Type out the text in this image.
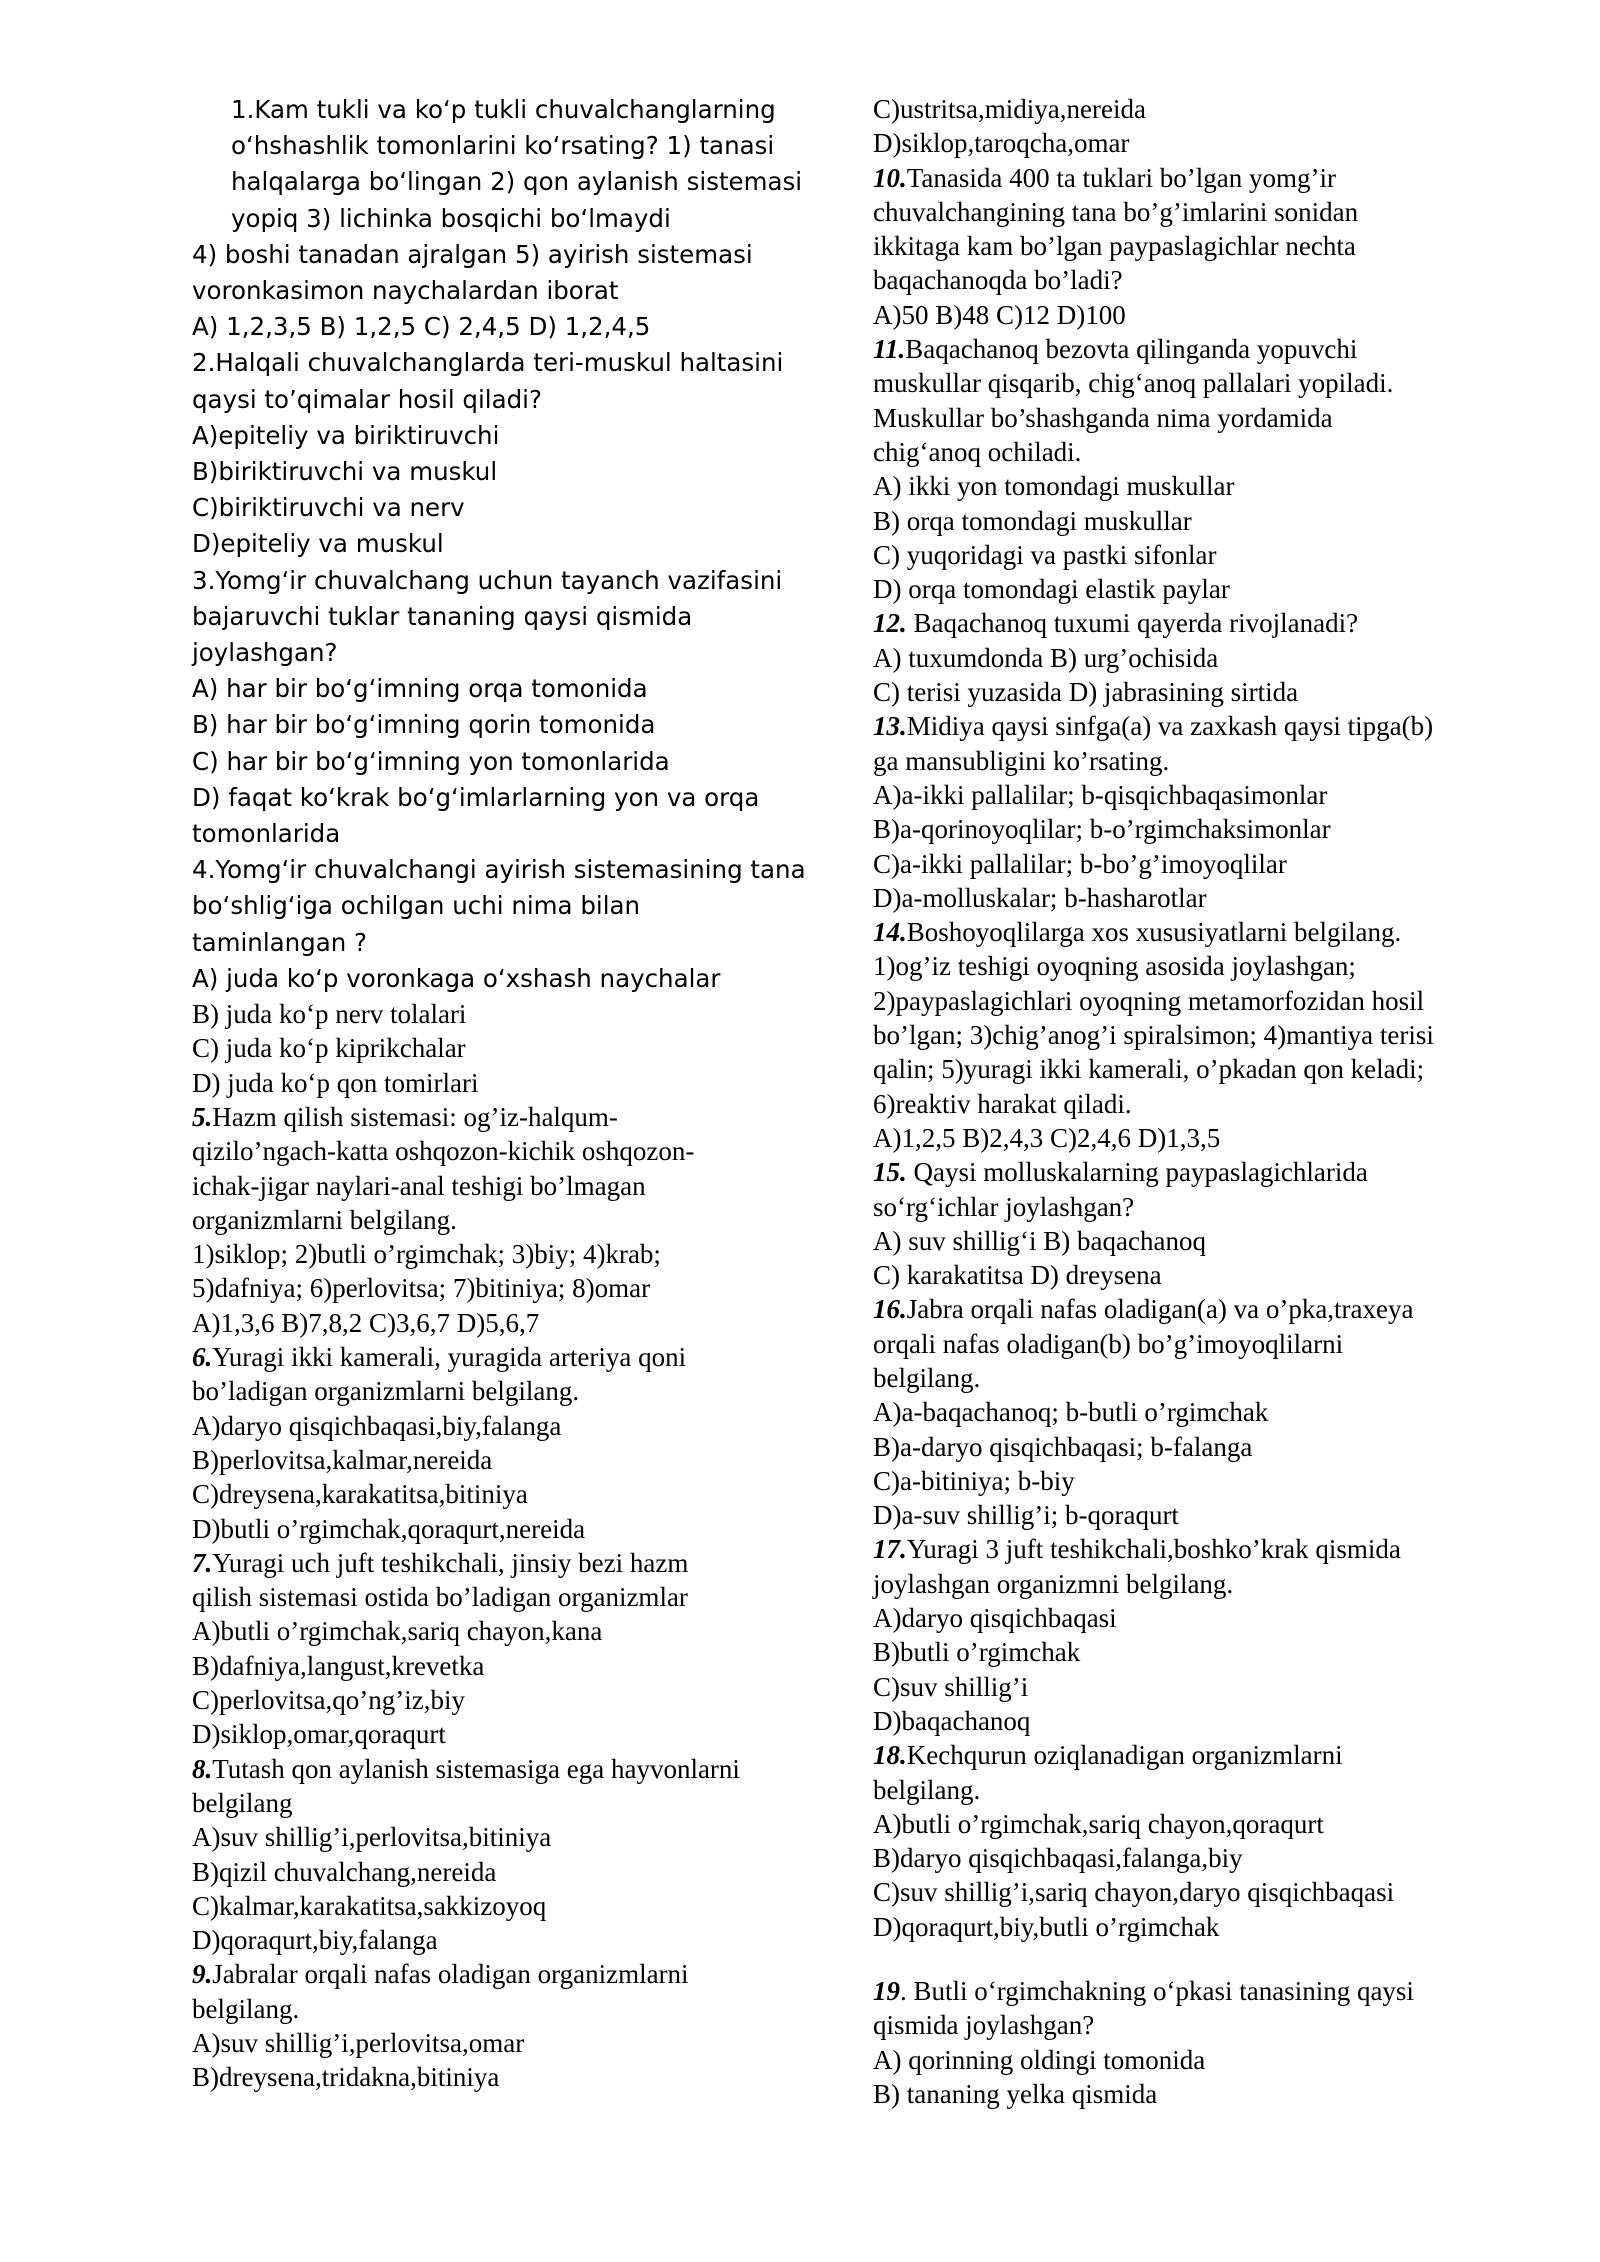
1.Kam tukli va ko‘p tukli chuvalchanglarning
o‘hshashlik tomonlarini ko‘rsating? 1) tanasi
halqalarga bo‘lingan 2) qon aylanish sistemasi
yopiq 3) lichinka bosqichi bo‘lmaydi
4) boshi tanadan ajralgan 5) ayirish sistemasi
voronkasimon naychalardan iborat
A) 1,2,3,5 B) 1,2,5 C) 2,4,5 D) 1,2,4,5
2.Halqali chuvalchanglarda teri-muskul haltasini
qaysi to’qimalar hosil qiladi?
A)epiteliy va biriktiruvchi
B)biriktiruvchi va muskul
C)biriktiruvchi va nerv
D)epiteliy va muskul
3.Yomg‘ir chuvalchang uchun tayanch vazifasini
bajaruvchi tuklar tananing qaysi qismida
joylashgan?
A) har bir bo‘g‘imning orqa tomonida
B) har bir bo‘g‘imning qorin tomonida
C) har bir bo‘g‘imning yon tomonlarida
D) faqat ko‘krak bo‘g‘imlarlarning yon va orqa
tomonlarida
4.Yomg‘ir chuvalchangi ayirish sistemasining tana
bo‘shlig‘iga ochilgan uchi nima bilan
taminlangan ?
A) juda ko‘p voronkaga o‘xshash naychalar
B) juda ko‘p nerv tolalari
C) juda ko‘p kiprikchalar
D) juda ko‘p qon tomirlari
5.Hazm qilish sistemasi: og’iz-halqum-
qizilo’ngach-katta oshqozon-kichik oshqozon-
ichak-jigar naylari-anal teshigi bo’lmagan
organizmlarni belgilang.
1)siklop; 2)butli o’rgimchak; 3)biy; 4)krab;
5)dafniya; 6)perlovitsa; 7)bitiniya; 8)omar
A)1,3,6 B)7,8,2 C)3,6,7 D)5,6,7
6.Yuragi ikki kamerali, yuragida arteriya qoni
bo’ladigan organizmlarni belgilang.
A)daryo qisqichbaqasi,biy,falanga
B)perlovitsa,kalmar,nereida
C)dreysena,karakatitsa,bitiniya
D)butli o’rgimchak,qoraqurt,nereida
7.Yuragi uch juft teshikchali, jinsiy bezi hazm
qilish sistemasi ostida bo’ladigan organizmlar
A)butli o’rgimchak,sariq chayon,kana
B)dafniya,langust,krevetka
C)perlovitsa,qo’ng’iz,biy
D)siklop,omar,qoraqurt
8.Tutash qon aylanish sistemasiga ega hayvonlarni
belgilang
A)suv shillig’i,perlovitsa,bitiniya
B)qizil chuvalchang,nereida
C)kalmar,karakatitsa,sakkizoyoq
D)qoraqurt,biy,falanga
9.Jabralar orqali nafas oladigan organizmlarni
belgilang.
A)suv shillig’i,perlovitsa,omar
B)dreysena,tridakna,bitiniya
C)ustritsa,midiya,nereida
D)siklop,taroqcha,omar
10.Tanasida 400 ta tuklari bo’lgan yomg’ir
chuvalchangining tana bo’g’imlarini sonidan
ikkitaga kam bo’lgan paypaslagichlar nechta
baqachanoqda bo’ladi?
A)50 B)48 C)12 D)100
11.Baqachanoq bezovta qilinganda yopuvchi
muskullar qisqarib, chig‘anoq pallalari yopiladi.
Muskullar bo’shashganda nima yordamida
chig‘anoq ochiladi.
A) ikki yon tomondagi muskullar
B) orqa tomondagi muskullar
C) yuqoridagi va pastki sifonlar
D) orqa tomondagi elastik paylar
12. Baqachanoq tuxumi qayerda rivojlanadi?
A) tuxumdonda B) urg’ochisida
C) terisi yuzasida D) jabrasining sirtida
13.Midiya qaysi sinfga(a) va zaxkash qaysi tipga(b)
ga mansubligini ko’rsating.
A)a-ikki pallalilar; b-qisqichbaqasimonlar
B)a-qorinoyoqlilar; b-o’rgimchaksimonlar
C)a-ikki pallalilar; b-bo’g’imoyoqlilar
D)a-molluskalar; b-hasharotlar
14.Boshoyoqlilarga xos xususiyatlarni belgilang.
1)og’iz teshigi oyoqning asosida joylashgan;
2)paypaslagichlari oyoqning metamorfozidan hosil
bo’lgan; 3)chig’anog’i spiralsimon; 4)mantiya terisi
qalin; 5)yuragi ikki kamerali, o’pkadan qon keladi;
6)reaktiv harakat qiladi.
A)1,2,5 B)2,4,3 C)2,4,6 D)1,3,5
15. Qaysi molluskalarning paypaslagichlarida
so‘rg‘ichlar joylashgan?
A) suv shillig‘i B) baqachanoq
C) karakatitsa D) dreysena
16.Jabra orqali nafas oladigan(a) va o’pka,traxeya
orqali nafas oladigan(b) bo’g’imoyoqlilarni
belgilang.
A)a-baqachanoq; b-butli o’rgimchak
B)a-daryo qisqichbaqasi; b-falanga
C)a-bitiniya; b-biy
D)a-suv shillig’i; b-qoraqurt
17.Yuragi 3 juft teshikchali,boshko’krak qismida
joylashgan organizmni belgilang.
A)daryo qisqichbaqasi
B)butli o’rgimchak
C)suv shillig’i
D)baqachanoq
18.Kechqurun oziqlanadigan organizmlarni
belgilang.
A)butli o’rgimchak,sariq chayon,qoraqurt
B)daryo qisqichbaqasi,falanga,biy
C)suv shillig’i,sariq chayon,daryo qisqichbaqasi
D)qoraqurt,biy,butli o’rgimchak
19. Butli o‘rgimchakning o‘pkasi tanasining qaysi
qismida joylashgan?
A) qorinning oldingi tomonida
B) tananing yelka qismida
